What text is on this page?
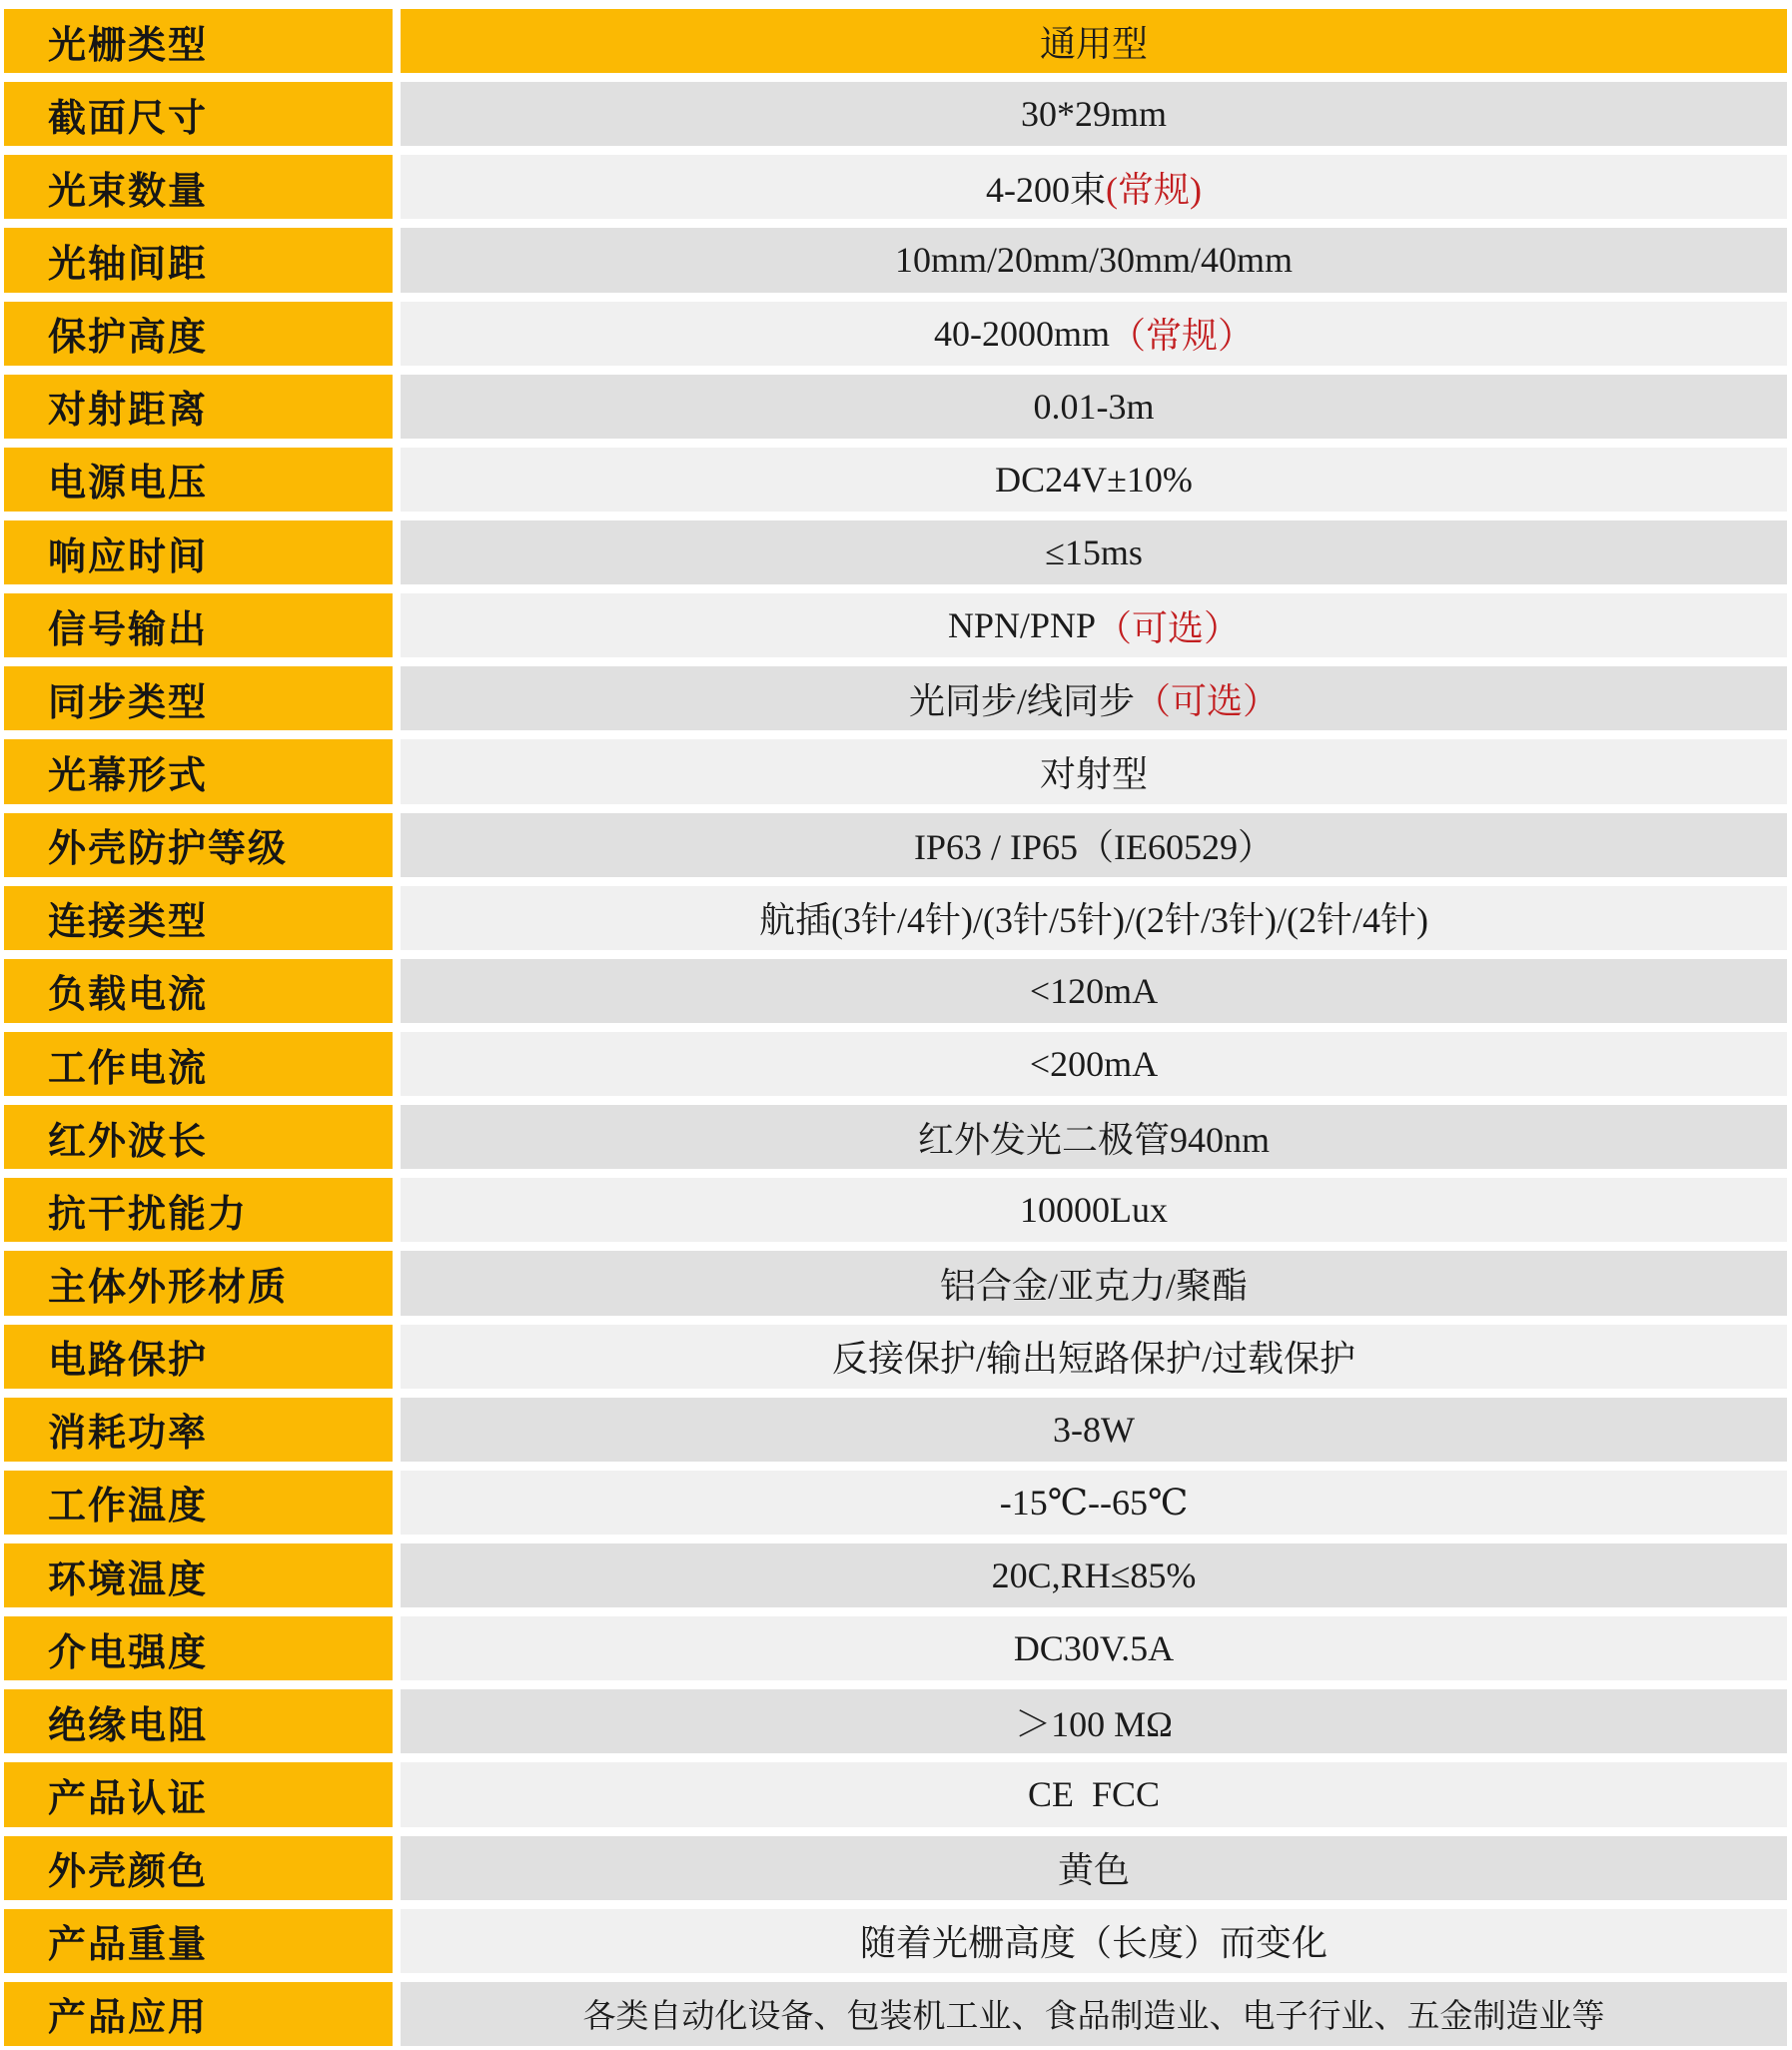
光栅类型	通用型
截面尺寸	30*29mm
光束数量	4-200束 (常规)
光轴间距	10mm/20mm/30mm/40mm
保护高度	40-2000mm （常规）
对射距离	0.01-3m
电源电压	DC24V±10%
响应时间	≤15ms
信号输出	NPN/PNP （可选）
同步类型	光同步/线同步 （可选）
光幕形式	对射型
外壳防护等级	IP63 / IP65（IE60529）
连接类型	航插(3针/4针)/(3针/5针)/(2针/3针)/(2针/4针)
负载电流	<120mA
工作电流	<200mA
红外波长	红外发光二极管940nm
抗干扰能力	10000Lux
主体外形材质	铝合金/亚克力/聚酯
电路保护	反接保护/输出短路保护/过载保护
消耗功率	3-8W
工作温度	-15℃--65℃
环境温度	20C,RH≤85%
介电强度	DC30V.5A
绝缘电阻	＞100 MΩ
产品认证	CE  FCC
外壳颜色	黄色
产品重量	随着光栅高度（长度）而变化
产品应用	各类自动化设备、包装机工业、食品制造业、电子行业、五金制造业等
